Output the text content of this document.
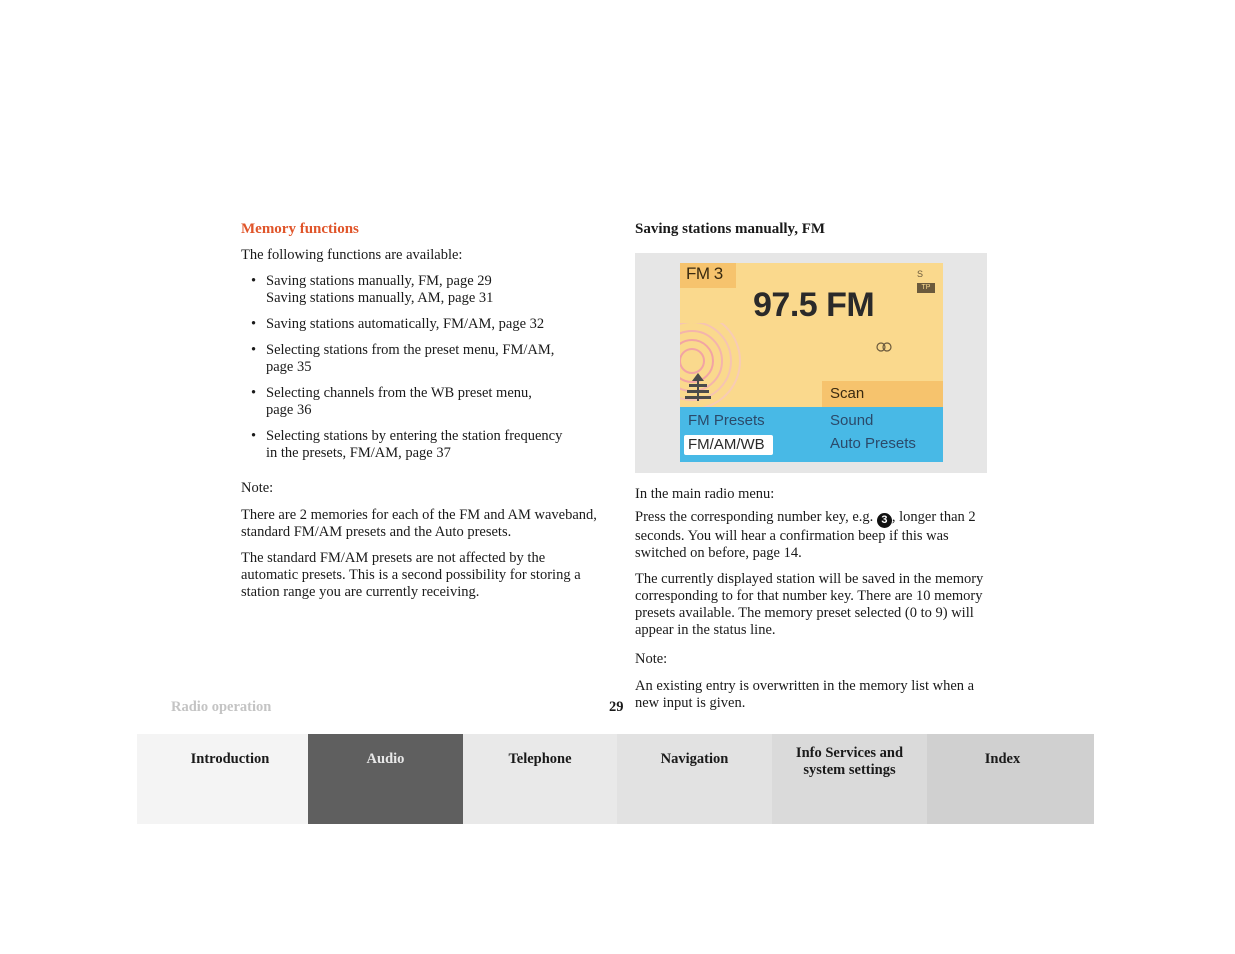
Memory functions

The following functions are available:

• Saving stations manually, FM, page 29
Saving stations manually, AM, page 31
• Saving stations automatically, FM/AM, page 32
• Selecting stations from the preset menu, FM/AM,
page 35
• Selecting channels from the WB preset menu,
page 36
• Selecting stations by entering the station frequency
in the presets, FM/AM, page 37

Note:

There are 2 memories for each of the FM and AM waveband, standard FM/AM presets and the Auto presets.

The standard FM/AM presets are not affected by the automatic presets. This is a second possibility for storing a station range you are currently receiving.

Saving stations manually, FM
FM 3	S
TP
97.5 FM
Scan
FM Presets	Sound
FM/AM/WB	Auto Presets

In the main radio menu:

Press the corresponding number key, e.g. 3 , longer than 2 seconds. You will hear a confirmation beep if this was switched on before, page 14.

The currently displayed station will be saved in the memory corresponding to for that number key. There are 10 memory presets available. The memory preset selected (0 to 9) will appear in the status line.

Note:

An existing entry is overwritten in the memory list when a new input is given.

Radio operation	29
Introduction	Audio	Telephone	Navigation	Info Services and system settings
Index
